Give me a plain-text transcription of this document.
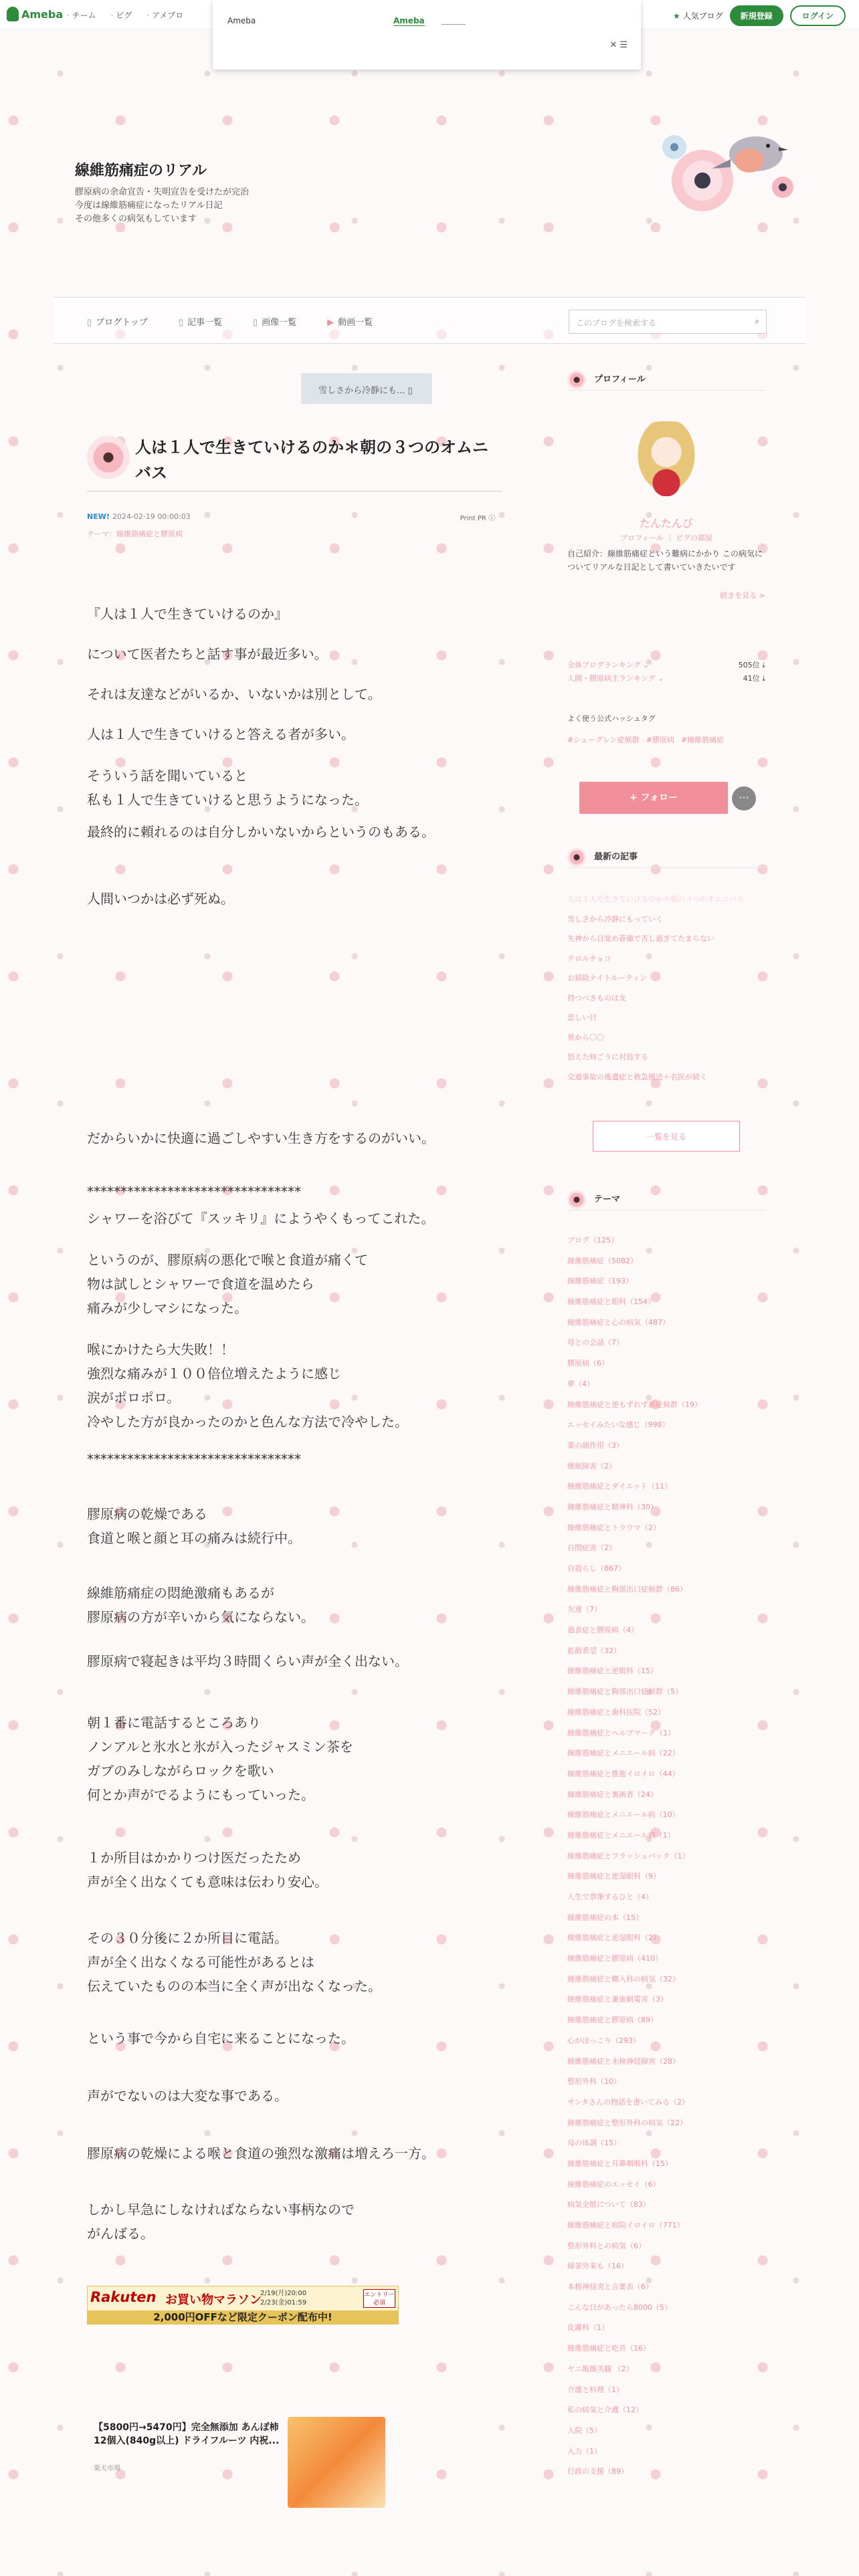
Ameba	· チーム	· ピグ	· アメブロ	★ 人気ブログ	新規登録	ログイン
Ameba	Ameba
✕ ☰
線維筋痛症のリアル
膠原病の余命宣告・失明宣告を受けたが完治
今度は線維筋痛症になったリアル日記
その他多くの病気もしています
▯ ブログトップ	▯ 記事一覧	▯ 画像一覧	▶ 動画一覧	このブログを検索する	⌕
雪しさから冷静にも... ▯
人は１人で生きていけるのか＊朝の３つのオムニバス
NEW! 2024-02-19 00:00:03	Print PR ⓘ
テーマ：線維筋痛症と膠原病

『人は１人で生きていけるのか』

について医者たちと話す事が最近多い。

それは友達などがいるか、いないかは別として。

人は１人で生きていけると答える者が多い。

そういう話を聞いていると
私も１人で生きていけると思うようになった。

最終的に頼れるのは自分しかいないからというのもある。

人間いつかは必ず死ぬ。

だからいかに快適に過ごしやすい生き方をするのがいい。

********************************

シャワーを浴びて『スッキリ』にようやくもってこれた。

というのが、膠原病の悪化で喉と食道が痛くて
物は試しとシャワーで食道を温めたら
痛みが少しマシになった。

喉にかけたら大失敗！！
強烈な痛みが１００倍位増えたように感じ
涙がポロポロ。
冷やした方が良かったのかと色んな方法で冷やした。

********************************

膠原病の乾燥である
食道と喉と顔と耳の痛みは続行中。

線維筋痛症の悶絶激痛もあるが
膠原病の方が辛いから気にならない。

膠原病で寝起きは平均３時間くらい声が全く出ない。

朝１番に電話するところあり
ノンアルと氷水と氷が入ったジャスミン茶を
ガブのみしながらロックを歌い
何とか声がでるようにもっていった。

１か所目はかかりつけ医だったため
声が全く出なくても意味は伝わり安心。

その３０分後に２か所目に電話。
声が全く出なくなる可能性があるとは
伝えていたものの本当に全く声が出なくなった。

という事で今から自宅に来ることになった。

声がでないのは大変な事である。

膠原病の乾燥による喉と食道の強烈な激痛は増えろ一方。

しかし早急にしなければならない事柄なので
がんばる。

Rakuten お買い物マラソン
2/19(月)20:00
2/23(金)01:59
エントリー必須
2,000円OFFなど限定クーポン配布中!
【5800円→5470円】完全無添加 あんぽ柿 12個入(840g以上) ドライフルーツ 内祝...
楽天市場
プロフィール
たんたんび
プロフィール ｜ ピグの部屋
自己紹介：線維筋痛症という難病にかかり この病気についてリアルな日記として書いていきたいです
続きを見る >
全体ブログランキング ⌄	505位 ⤓
人間・膠原病主ランキング ⌄	41位 ⤓
よく使う公式ハッシュタグ
#シェーグレン症候群 #膠原病 #線維筋痛症
+ フォロー	···
最新の記事
人は１人で生きていけるのか＊朝の３つのオムニバス
雪しさから冷静にもっていく
失神から目覚め蒼備で苦し過ぎてたまらない
テロルチョコ
お掃除ナイトルーティン
持つべきものは友
恋しい日
異から〇〇
怒えた時ごうに対処する
交通事故の後遺症と救急搬送＋名医が続く
一覧を見る
テーマ
ブログ（125）
線維筋痛症（5082）
線維筋痛症（193）
線維筋痛症と眼科（154）
線維筋痛症と心の病気（487）
母との会話（7）
膠原病（6）
夢（4）
線維筋痛症と逆もずれず新症候群（19）
エッセイみたいな感じ（998）
薬の副作用（3）
睡眠障害（2）
線維筋痛症とダイエット（11）
線維筋痛症と精神科（30）
線維筋痛症とトラウマ（2）
自閉症害（2）
自殺らし（867）
線維筋痛症と胸部出口症候群（86）
友達（7）
過食症と膠原病（4）
拡散希望（32）
線維筋痛症と逆眼科（15）
線維筋痛症と胸部出口症候群（5）
線維筋痛症と歯科医院（52）
線維筋痛症とヘルプマーク（1）
線維筋痛症とメニエール病（22）
線維筋痛症と推進イロイロ（44）
線維筋痛症と裏画者（24）
線維筋痛症とメニエール病（10）
線維筋痛症とメニエール病（1）
線維筋痛症とフラッシュバック（1）
線維筋痛症と逆湿眼科（9）
入生で恭筆するひと（4）
線維筋痛症の本（15）
線維筋痛症と逆湿眼科（2）
線維筋痛症と膠原病（410）
線維筋痛症と購入科の病気（32）
線維筋痛症と兼歯網電害（3）
線維筋痛症と膠原病（89）
心がほっこり（293）
線維筋痛症と未検神経障害（28）
整形外科（10）
サンタさんの物語を書いてみる（2）
線維筋痛症と整形外科の病気（22）
母の体調（15）
線維筋痛症と耳鼻咽喉科（15）
線維筋痛症のエッセイ（6）
病気全般について（83）
線維筋痛症と病院イロイロ（771）
整形外科との病気（6）
緑茶外来も（16）
本格神経炎と言葉表（6）
こんな日があったら8000（5）
皮膚科（1）
線維筋痛症と吃音（16）
ヤニ飯顔美観 （2）
介護と料理（1）
私の病気と介護（12）
入院（5）
入力（1）
行政の支援（89）
